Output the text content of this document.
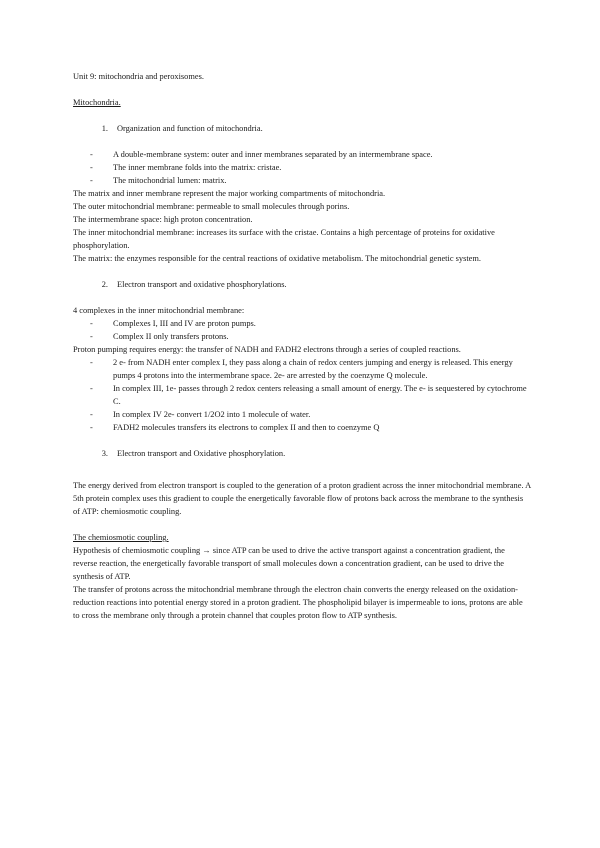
Unit 9: mitochondria and peroxisomes.

Mitochondria.

1.	Organization and function of mitochondria.
-	A double-membrane system: outer and inner membranes separated by an intermembrane space.
-	The inner membrane folds into the matrix: cristae.
-	The mitochondrial lumen: matrix.

The matrix and inner membrane represent the major working compartments of mitochondria.

The outer mitochondrial membrane: permeable to small molecules through porins.

The intermembrane space: high proton concentration.

The inner mitochondrial membrane: increases its surface with the cristae. Contains a high percentage of proteins for oxidative phosphorylation.

The matrix: the enzymes responsible for the central reactions of oxidative metabolism. The mitochondrial genetic system.

2.	Electron transport and oxidative phosphorylations.

4 complexes in the inner mitochondrial membrane:

-	Complexes I, III and IV are proton pumps.
-	Complex II only transfers protons.

Proton pumping requires energy: the transfer of NADH and FADH2 electrons through a series of coupled reactions.

-	2 e- from NADH enter complex I, they pass along a chain of redox centers jumping and energy is released. This energy pumps 4 protons into the intermembrane space. 2e- are arrested by the coenzyme Q molecule.
-	In complex III, 1e- passes through 2 redox centers releasing a small amount of energy. The e- is sequestered by cytochrome C.
-	In complex IV 2e- convert 1/2O2 into 1 molecule of water.
-	FADH2 molecules transfers its electrons to complex II and then to coenzyme Q
3.	Electron transport and Oxidative phosphorylation.

The energy derived from electron transport is coupled to the generation of a proton gradient across the inner mitochondrial membrane. A 5th protein complex uses this gradient to couple the energetically favorable flow of protons back across the membrane to the synthesis of ATP: chemiosmotic coupling.

The chemiosmotic coupling.

Hypothesis of chemiosmotic coupling → since ATP can be used to drive the active transport against a concentration gradient, the reverse reaction, the energetically favorable transport of small molecules down a concentration gradient, can be used to drive the synthesis of ATP.

The transfer of protons across the mitochondrial membrane through the electron chain converts the energy released on the oxidation-reduction reactions into potential energy stored in a proton gradient. The phospholipid bilayer is impermeable to ions, protons are able to cross the membrane only through a protein channel that couples proton flow to ATP synthesis.
